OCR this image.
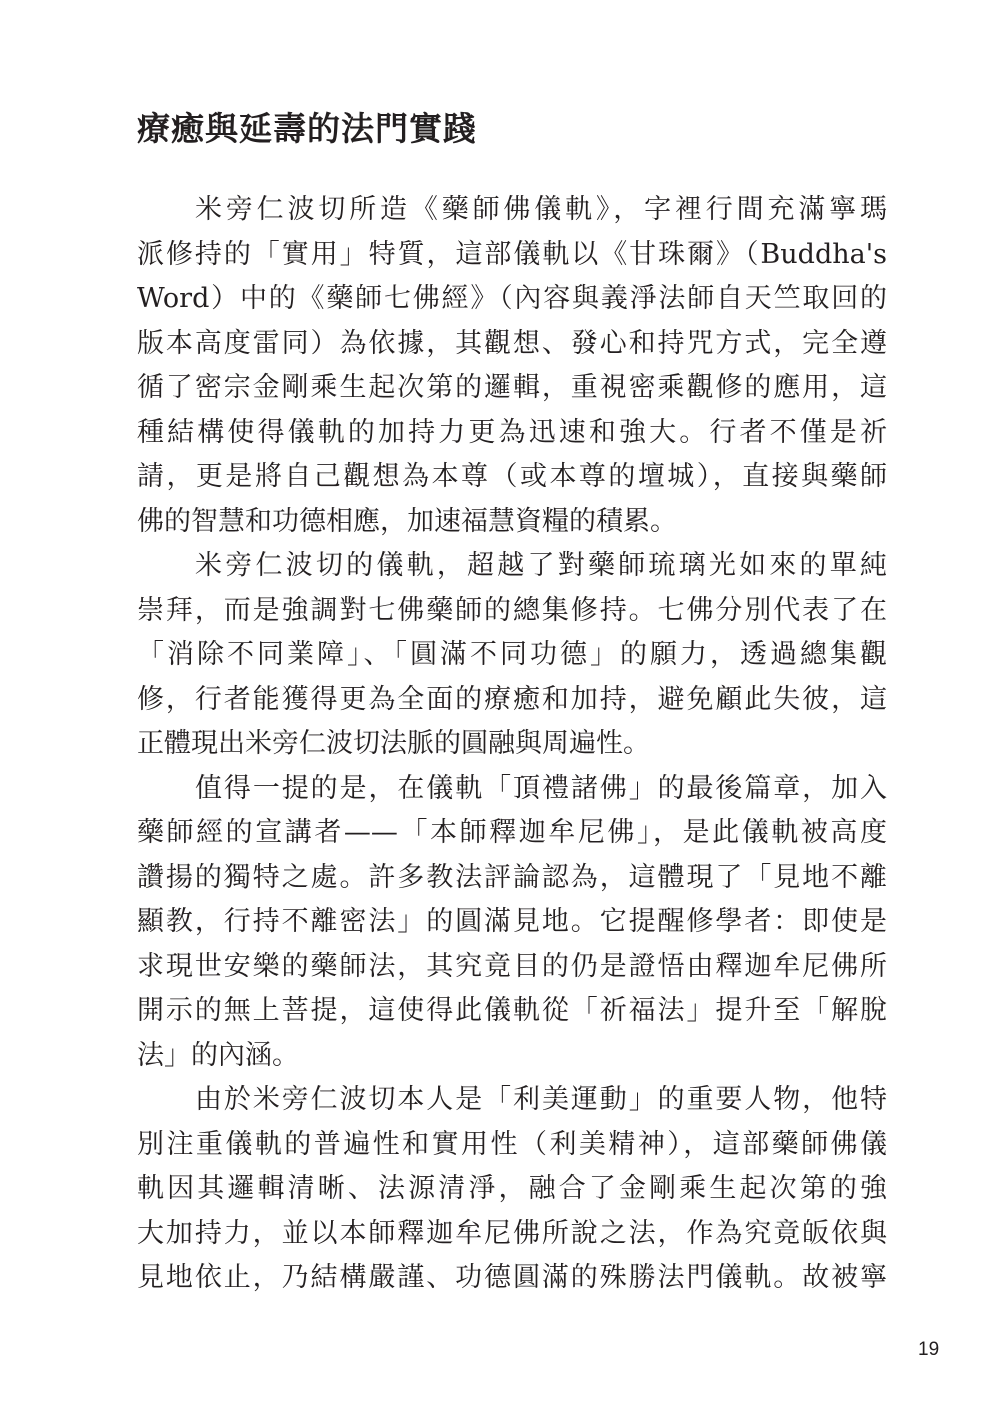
療癒與延壽的法門實踐
米旁仁波切所造《藥師佛儀軌》，字裡行間充滿寧瑪
派修持的「實用」特質，這部儀軌以《甘珠爾》（Buddha's
Word）中的《藥師七佛經》（內容與義淨法師自天竺取回的
版本高度雷同）為依據，其觀想、發心和持咒方式，完全遵
循了密宗金剛乘生起次第的邏輯，重視密乘觀修的應用，這
種結構使得儀軌的加持力更為迅速和強大。行者不僅是祈
請，更是將自己觀想為本尊（或本尊的壇城），直接與藥師
佛的智慧和功德相應，加速福慧資糧的積累。
米旁仁波切的儀軌，超越了對藥師琉璃光如來的單純
崇拜，而是強調對七佛藥師的總集修持。七佛分別代表了在
「消除不同業障」、「圓滿不同功德」的願力，透過總集觀
修，行者能獲得更為全面的療癒和加持，避免顧此失彼，這
正體現出米旁仁波切法脈的圓融與周遍性。
值得一提的是，在儀軌「頂禮諸佛」的最後篇章，加入
藥師經的宣講者——「本師釋迦牟尼佛」，是此儀軌被高度
讚揚的獨特之處。許多教法評論認為，這體現了「見地不離
顯教，行持不離密法」的圓滿見地。它提醒修學者：即使是
求現世安樂的藥師法，其究竟目的仍是證悟由釋迦牟尼佛所
開示的無上菩提，這使得此儀軌從「祈福法」提升至「解脫
法」的內涵。
由於米旁仁波切本人是「利美運動」的重要人物，他特
別注重儀軌的普遍性和實用性（利美精神），這部藥師佛儀
軌因其邏輯清晰、法源清淨，融合了金剛乘生起次第的強
大加持力，並以本師釋迦牟尼佛所說之法，作為究竟皈依與
見地依止，乃結構嚴謹、功德圓滿的殊勝法門儀軌。故被寧
19
